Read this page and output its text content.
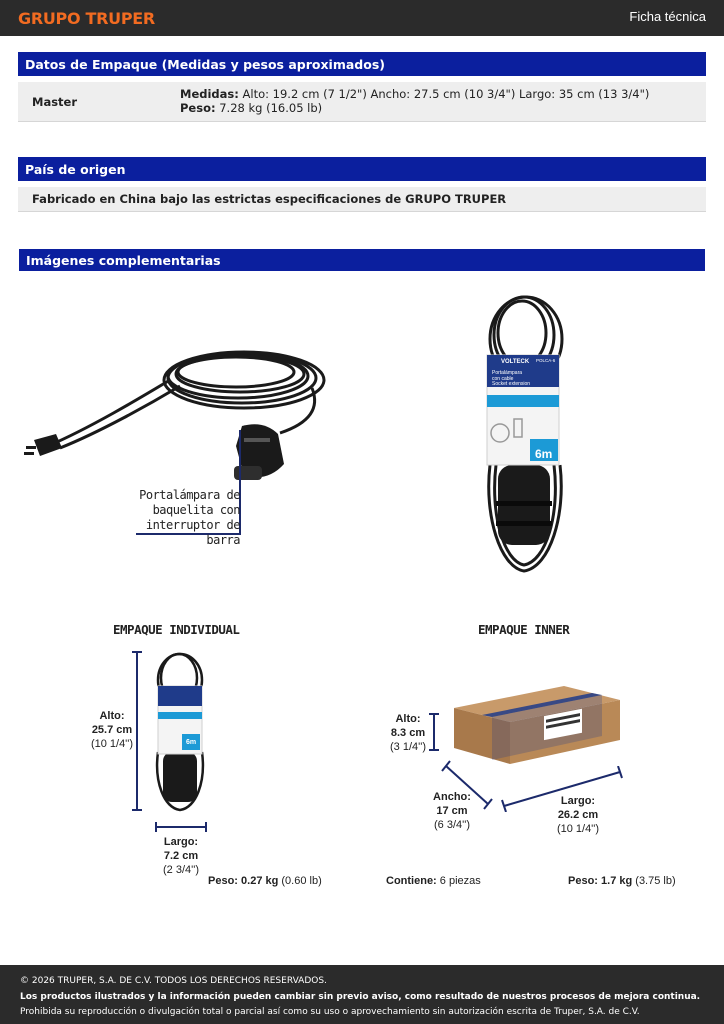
GRUPO TRUPER	Ficha técnica
Datos de Empaque (Medidas y pesos aproximados)
Master
Medidas: Alto: 19.2 cm (7 1/2") Ancho: 27.5 cm (10 3/4") Largo: 35 cm (13 3/4") Peso: 7.28 kg (16.05 lb)
País de origen
Fabricado en China bajo las estrictas especificaciones de GRUPO TRUPER
Imágenes complementarias
Portalámpara de
baquelita con
interruptor de barra
VOLTECK POLCA-6
Portalámpara
con cable
Socket extension
6m
EMPAQUE INDIVIDUAL
6m
Alto:
25.7 cm
(10 1/4'')
Largo:
7.2 cm
(2 3/4'')
Peso: 0.27 kg (0.60 lb)
EMPAQUE INNER
Alto:
8.3 cm
(3 1/4'')
Ancho:
17 cm
(6 3/4'')
Largo:
26.2 cm
(10 1/4'')
Contiene: 6 piezas	Peso: 1.7 kg (3.75 lb)
© 2026 TRUPER, S.A. DE C.V. TODOS LOS DERECHOS RESERVADOS.
Los productos ilustrados y la información pueden cambiar sin previo aviso, como resultado de nuestros procesos de mejora continua.
Prohibida su reproducción o divulgación total o parcial así como su uso o aprovechamiento sin autorización escrita de Truper, S.A. de C.V.
